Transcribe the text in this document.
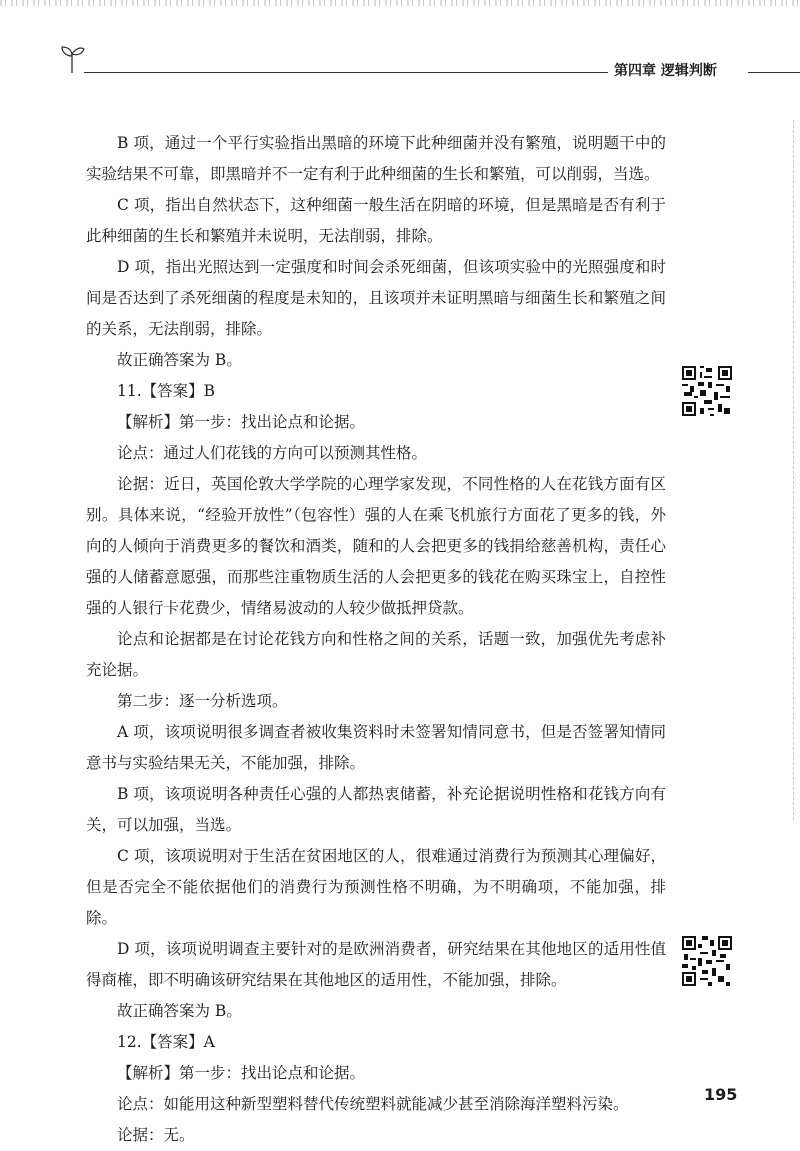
第四章 逻辑判断

B 项，通过一个平行实验指出黑暗的环境下此种细菌并没有繁殖，说明题干中的实验结果不可靠，即黑暗并不一定有利于此种细菌的生长和繁殖，可以削弱，当选。

C 项，指出自然状态下，这种细菌一般生活在阴暗的环境，但是黑暗是否有利于此种细菌的生长和繁殖并未说明，无法削弱，排除。

D 项，指出光照达到一定强度和时间会杀死细菌，但该项实验中的光照强度和时间是否达到了杀死细菌的程度是未知的，且该项并未证明黑暗与细菌生长和繁殖之间的关系，无法削弱，排除。

故正确答案为 B。

11.【答案】B

【解析】第一步：找出论点和论据。

论点：通过人们花钱的方向可以预测其性格。

论据：近日，英国伦敦大学学院的心理学家发现，不同性格的人在花钱方面有区别。具体来说，“经验开放性”（包容性）强的人在乘飞机旅行方面花了更多的钱，外向的人倾向于消费更多的餐饮和酒类，随和的人会把更多的钱捐给慈善机构，责任心强的人储蓄意愿强，而那些注重物质生活的人会把更多的钱花在购买珠宝上，自控性强的人银行卡花费少，情绪易波动的人较少做抵押贷款。

论点和论据都是在讨论花钱方向和性格之间的关系，话题一致，加强优先考虑补充论据。

第二步：逐一分析选项。

A 项，该项说明很多调查者被收集资料时未签署知情同意书，但是否签署知情同意书与实验结果无关，不能加强，排除。

B 项，该项说明各种责任心强的人都热衷储蓄，补充论据说明性格和花钱方向有关，可以加强，当选。

C 项，该项说明对于生活在贫困地区的人，很难通过消费行为预测其心理偏好，但是否完全不能依据他们的消费行为预测性格不明确，为不明确项，不能加强，排除。

D 项，该项说明调查主要针对的是欧洲消费者，研究结果在其他地区的适用性值得商榷，即不明确该研究结果在其他地区的适用性，不能加强，排除。

故正确答案为 B。

12.【答案】A

【解析】第一步：找出论点和论据。

论点：如能用这种新型塑料替代传统塑料就能减少甚至消除海洋塑料污染。

论据：无。

195
